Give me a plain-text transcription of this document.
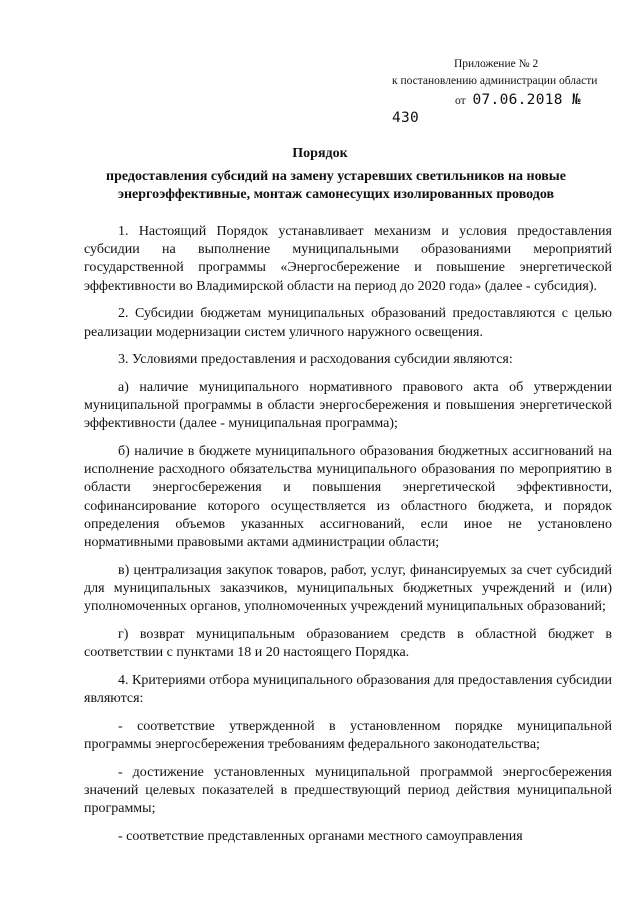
Приложение № 2
к постановлению администрации области
от 07.06.2018 № 430
Порядок
предоставления субсидий на замену устаревших светильников на новые энергоэффективные, монтаж самонесущих изолированных проводов

1. Настоящий Порядок устанавливает механизм и условия предоставления субсидии на выполнение муниципальными образованиями мероприятий государственной программы «Энергосбережение и повышение энергетической эффективности во Владимирской области на период до 2020 года» (далее - субсидия).

2. Субсидии бюджетам муниципальных образований предоставляются с целью реализации модернизации систем уличного наружного освещения.

3. Условиями предоставления и расходования субсидии являются:

а) наличие муниципального нормативного правового акта об утверждении муниципальной программы в области энергосбережения и повышения энергетической эффективности (далее - муниципальная программа);

б) наличие в бюджете муниципального образования бюджетных ассигнований на исполнение расходного обязательства муниципального образования по мероприятию в области энергосбережения и повышения энергетической эффективности, софинансирование которого осуществляется из областного бюджета, и порядок определения объемов указанных ассигнований, если иное не установлено нормативными правовыми актами администрации области;

в) централизация закупок товаров, работ, услуг, финансируемых за счет субсидий для муниципальных заказчиков, муниципальных бюджетных учреждений и (или) уполномоченных органов, уполномоченных учреждений муниципальных образований;

г) возврат муниципальным образованием средств в областной бюджет в соответствии с пунктами 18 и 20 настоящего Порядка.

4. Критериями отбора муниципального образования для предоставления субсидии являются:

- соответствие утвержденной в установленном порядке муниципальной программы энергосбережения требованиям федерального законодательства;

- достижение установленных муниципальной программой энергосбережения значений целевых показателей в предшествующий период действия муниципальной программы;

- соответствие представленных органами местного самоуправления
